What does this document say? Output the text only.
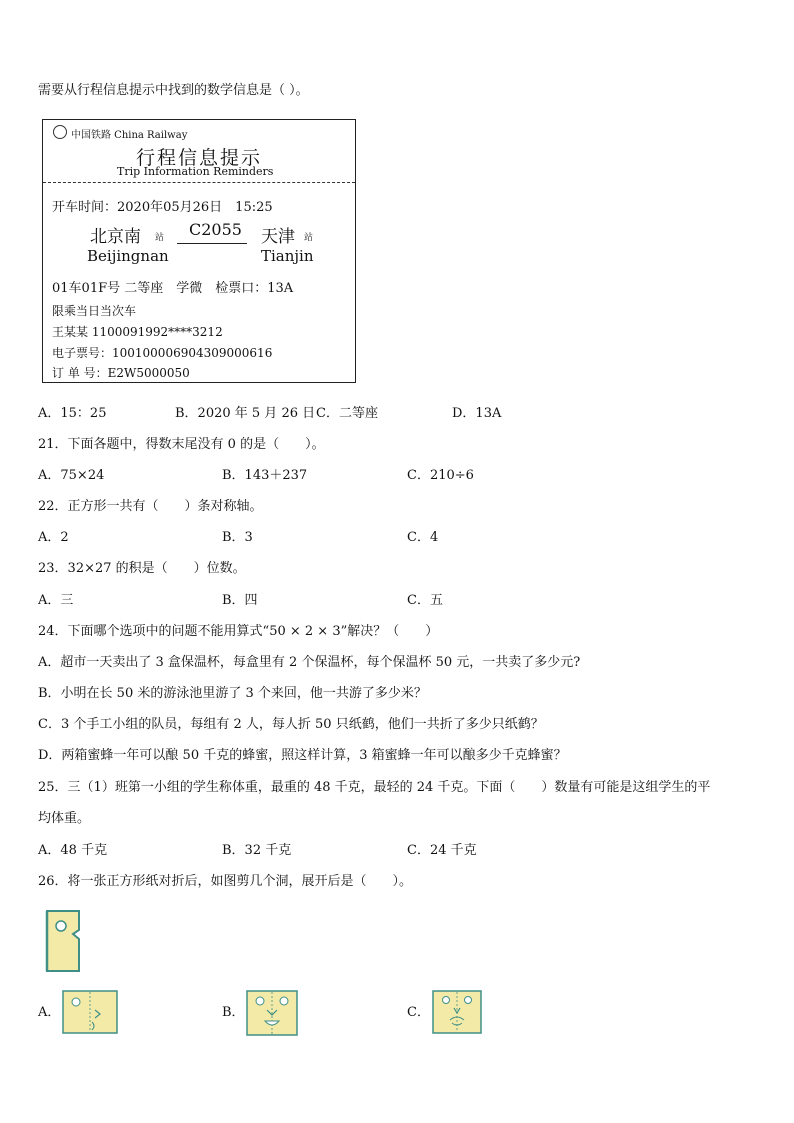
需要从行程信息提示中找到的数学信息是（ ）。
中国铁路 China Railway
行程信息提示
Trip Information Reminders
开车时间：2020年05月26日　15:25
北京南 站 C2055 天津 站
Beijingnan	Tianjin
01车01F号 二等座　学微　检票口：13A
限乘当日当次车
王某某 1100091992****3212
电子票号：100100006904309000616
订 单 号：E2W5000050
A．15：25	B．2020 年 5 月 26 日 C．二等座	D．13A
21．下面各题中，得数末尾没有 0 的是（　　）。
A．75×24	B．143＋237	C．210÷6
22．正方形一共有（　　）条对称轴。
A．2	B．3	C．4
23．32×27 的积是（　　）位数。
A．三	B．四	C．五
24．下面哪个选项中的问题不能用算式“50 × 2 × 3”解决？（　　）
A．超市一天卖出了 3 盒保温杯，每盒里有 2 个保温杯，每个保温杯 50 元，一共卖了多少元?
B．小明在长 50 米的游泳池里游了 3 个来回，他一共游了多少米？
C．3 个手工小组的队员，每组有 2 人，每人折 50 只纸鹤，他们一共折了多少只纸鹤？
D．两箱蜜蜂一年可以酿 50 千克的蜂蜜，照这样计算，3 箱蜜蜂一年可以酿多少千克蜂蜜？
25．三（1）班第一小组的学生称体重，最重的 48 千克，最轻的 24 千克。下面（　　）数量有可能是这组学生的平
均体重。
A．48 千克	B．32 千克	C．24 千克
26．将一张正方形纸对折后，如图剪几个洞，展开后是（　　）。
A．	B．	C．
